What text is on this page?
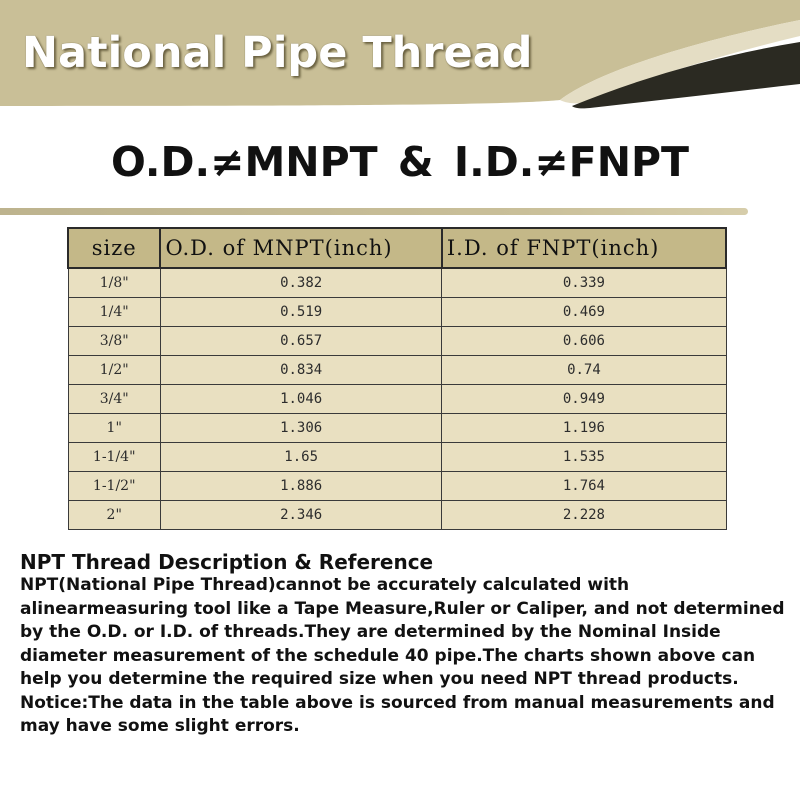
National Pipe Thread
O.D.≠MNPT & I.D.≠FNPT
size	O.D. of MNPT(inch)	I.D. of FNPT(inch)
1/8"	0.382	0.339
1/4"	0.519	0.469
3/8"	0.657	0.606
1/2"	0.834	0.74
3/4"	1.046	0.949
1"	1.306	1.196
1-1/4"	1.65	1.535
1-1/2"	1.886	1.764
2"	2.346	2.228
NPT Thread Description & Reference

NPT(National Pipe Thread)cannot be accurately calculated with alinearmeasuring tool like a Tape Measure,Ruler or Caliper, and not determined by the O.D. or I.D. of threads.They are determined by the Nominal Inside diameter measurement of the schedule 40 pipe.The charts shown above can help you determine the required size when you need NPT thread products.

Notice:The data in the table above is sourced from manual measurements and may have some slight errors.
